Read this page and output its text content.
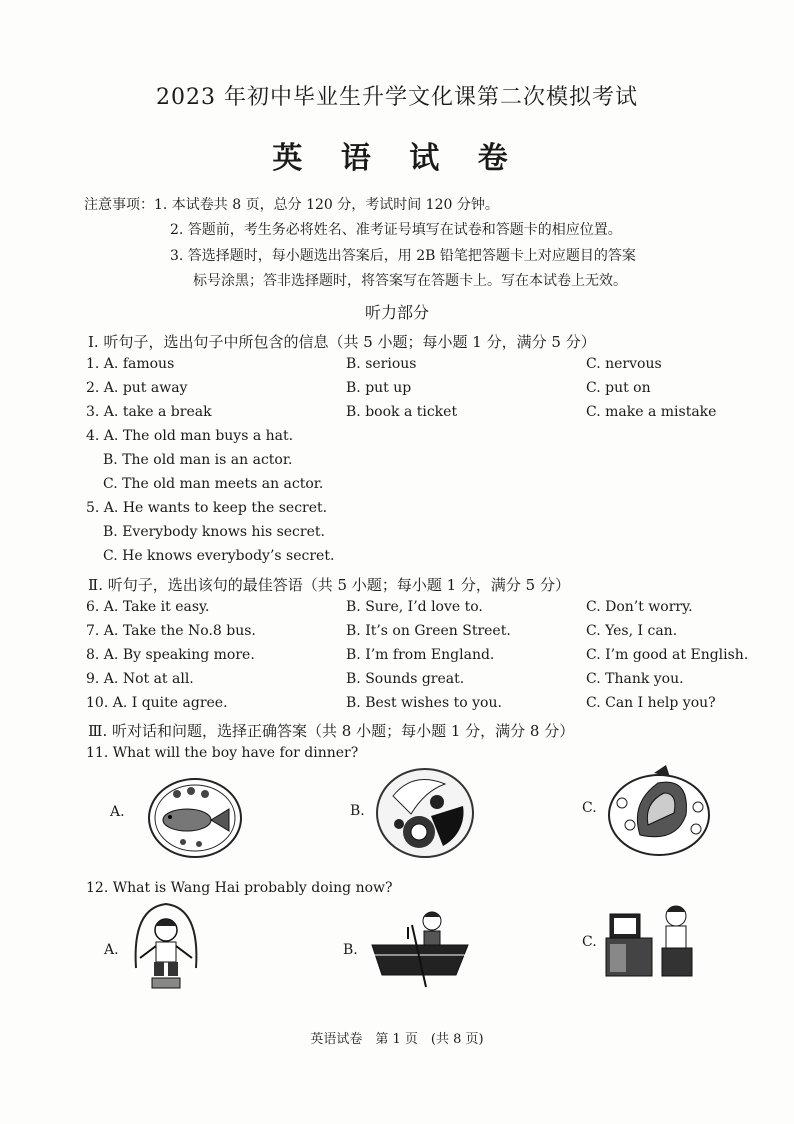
2023 年初中毕业生升学文化课第二次模拟考试
英 语 试 卷
注意事项： 1. 本试卷共 8 页，总分 120 分，考试时间 120 分钟。
2. 答题前，考生务必将姓名、准考证号填写在试卷和答题卡的相应位置。
3. 答选择题时，每小题选出答案后，用 2B 铅笔把答题卡上对应题目的答案
标号涂黑；答非选择题时，将答案写在答题卡上。写在本试卷上无效。
听力部分
Ⅰ. 听句子，选出句子中所包含的信息（共 5 小题；每小题 1 分，满分 5 分）
1. A. famous	B. serious	C. nervous
2. A. put away	B. put up	C. put on
3. A. take a break	B. book a ticket	C. make a mistake
4. A. The old man buys a hat.
B. The old man is an actor.
C. The old man meets an actor.
5. A. He wants to keep the secret.
B. Everybody knows his secret.
C. He knows everybody’s secret.
Ⅱ. 听句子，选出该句的最佳答语（共 5 小题；每小题 1 分，满分 5 分）
6. A. Take it easy.	B. Sure, I’d love to.	C. Don’t worry.
7. A. Take the No.8 bus.	B. It’s on Green Street.	C. Yes, I can.
8. A. By speaking more.	B. I’m from England.	C. I’m good at English.
9. A. Not at all.	B. Sounds great.	C. Thank you.
10. A. I quite agree.	B. Best wishes to you.	C. Can I help you?
Ⅲ. 听对话和问题，选择正确答案（共 8 小题；每小题 1 分，满分 8 分）
11. What will the boy have for dinner?
A.	B.	C.
12. What is Wang Hai probably doing now?
A.	B.	C.
英语试卷　第 1 页　(共 8 页)
